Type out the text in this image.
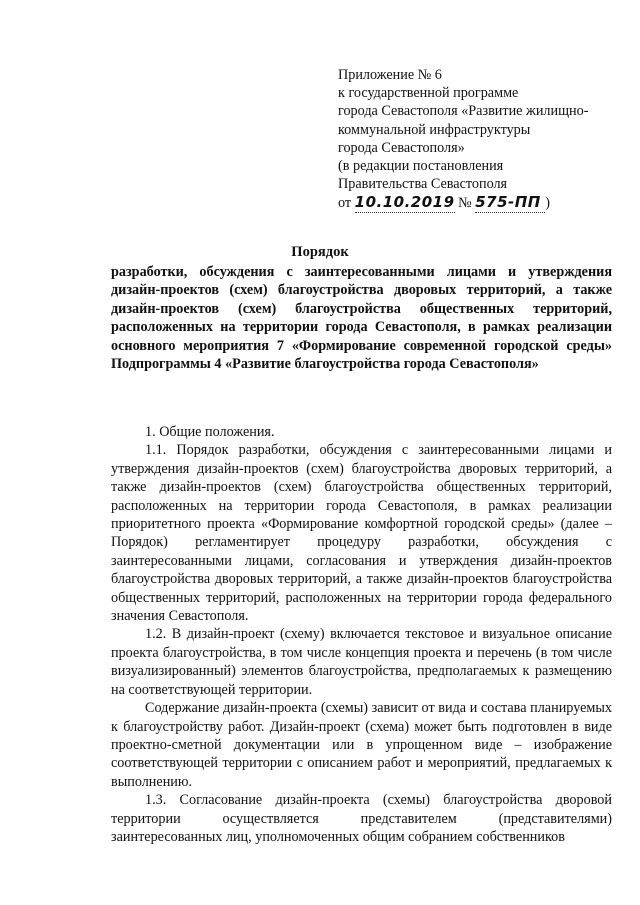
Приложение № 6
к государственной программе
города Севастополя «Развитие жилищно-
коммунальной инфраструктуры
города Севастополя»
(в редакции постановления
Правительства Севастополя
от 10.10.2019 № 575-ПП )
Порядок
разработки, обсуждения с заинтересованными лицами и утверждения дизайн-проектов (схем) благоустройства дворовых территорий, а также дизайн-проектов (схем) благоустройства общественных территорий, расположенных на территории города Севастополя, в рамках реализации основного мероприятия 7 «Формирование современной городской среды» Подпрограммы 4 «Развитие благоустройства города Севастополя»

1. Общие положения.

1.1. Порядок разработки, обсуждения с заинтересованными лицами и утверждения дизайн-проектов (схем) благоустройства дворовых территорий, а также дизайн-проектов (схем) благоустройства общественных территорий, расположенных на территории города Севастополя, в рамках реализации приоритетного проекта «Формирование комфортной городской среды» (далее – Порядок) регламентирует процедуру разработки, обсуждения с заинтересованными лицами, согласования и утверждения дизайн-проектов благоустройства дворовых территорий, а также дизайн-проектов благоустройства общественных территорий, расположенных на территории города федерального значения Севастополя.

1.2. В дизайн-проект (схему) включается текстовое и визуальное описание проекта благоустройства, в том числе концепция проекта и перечень (в том числе визуализированный) элементов благоустройства, предполагаемых к размещению на соответствующей территории.

Содержание дизайн-проекта (схемы) зависит от вида и состава планируемых к благоустройству работ. Дизайн-проект (схема) может быть подготовлен в виде проектно-сметной документации или в упрощенном виде – изображение соответствующей территории с описанием работ и мероприятий, предлагаемых к выполнению.

1.3. Согласование дизайн-проекта (схемы) благоустройства дворовой территории осуществляется представителем (представителями) заинтересованных лиц, уполномоченных общим собранием собственников
